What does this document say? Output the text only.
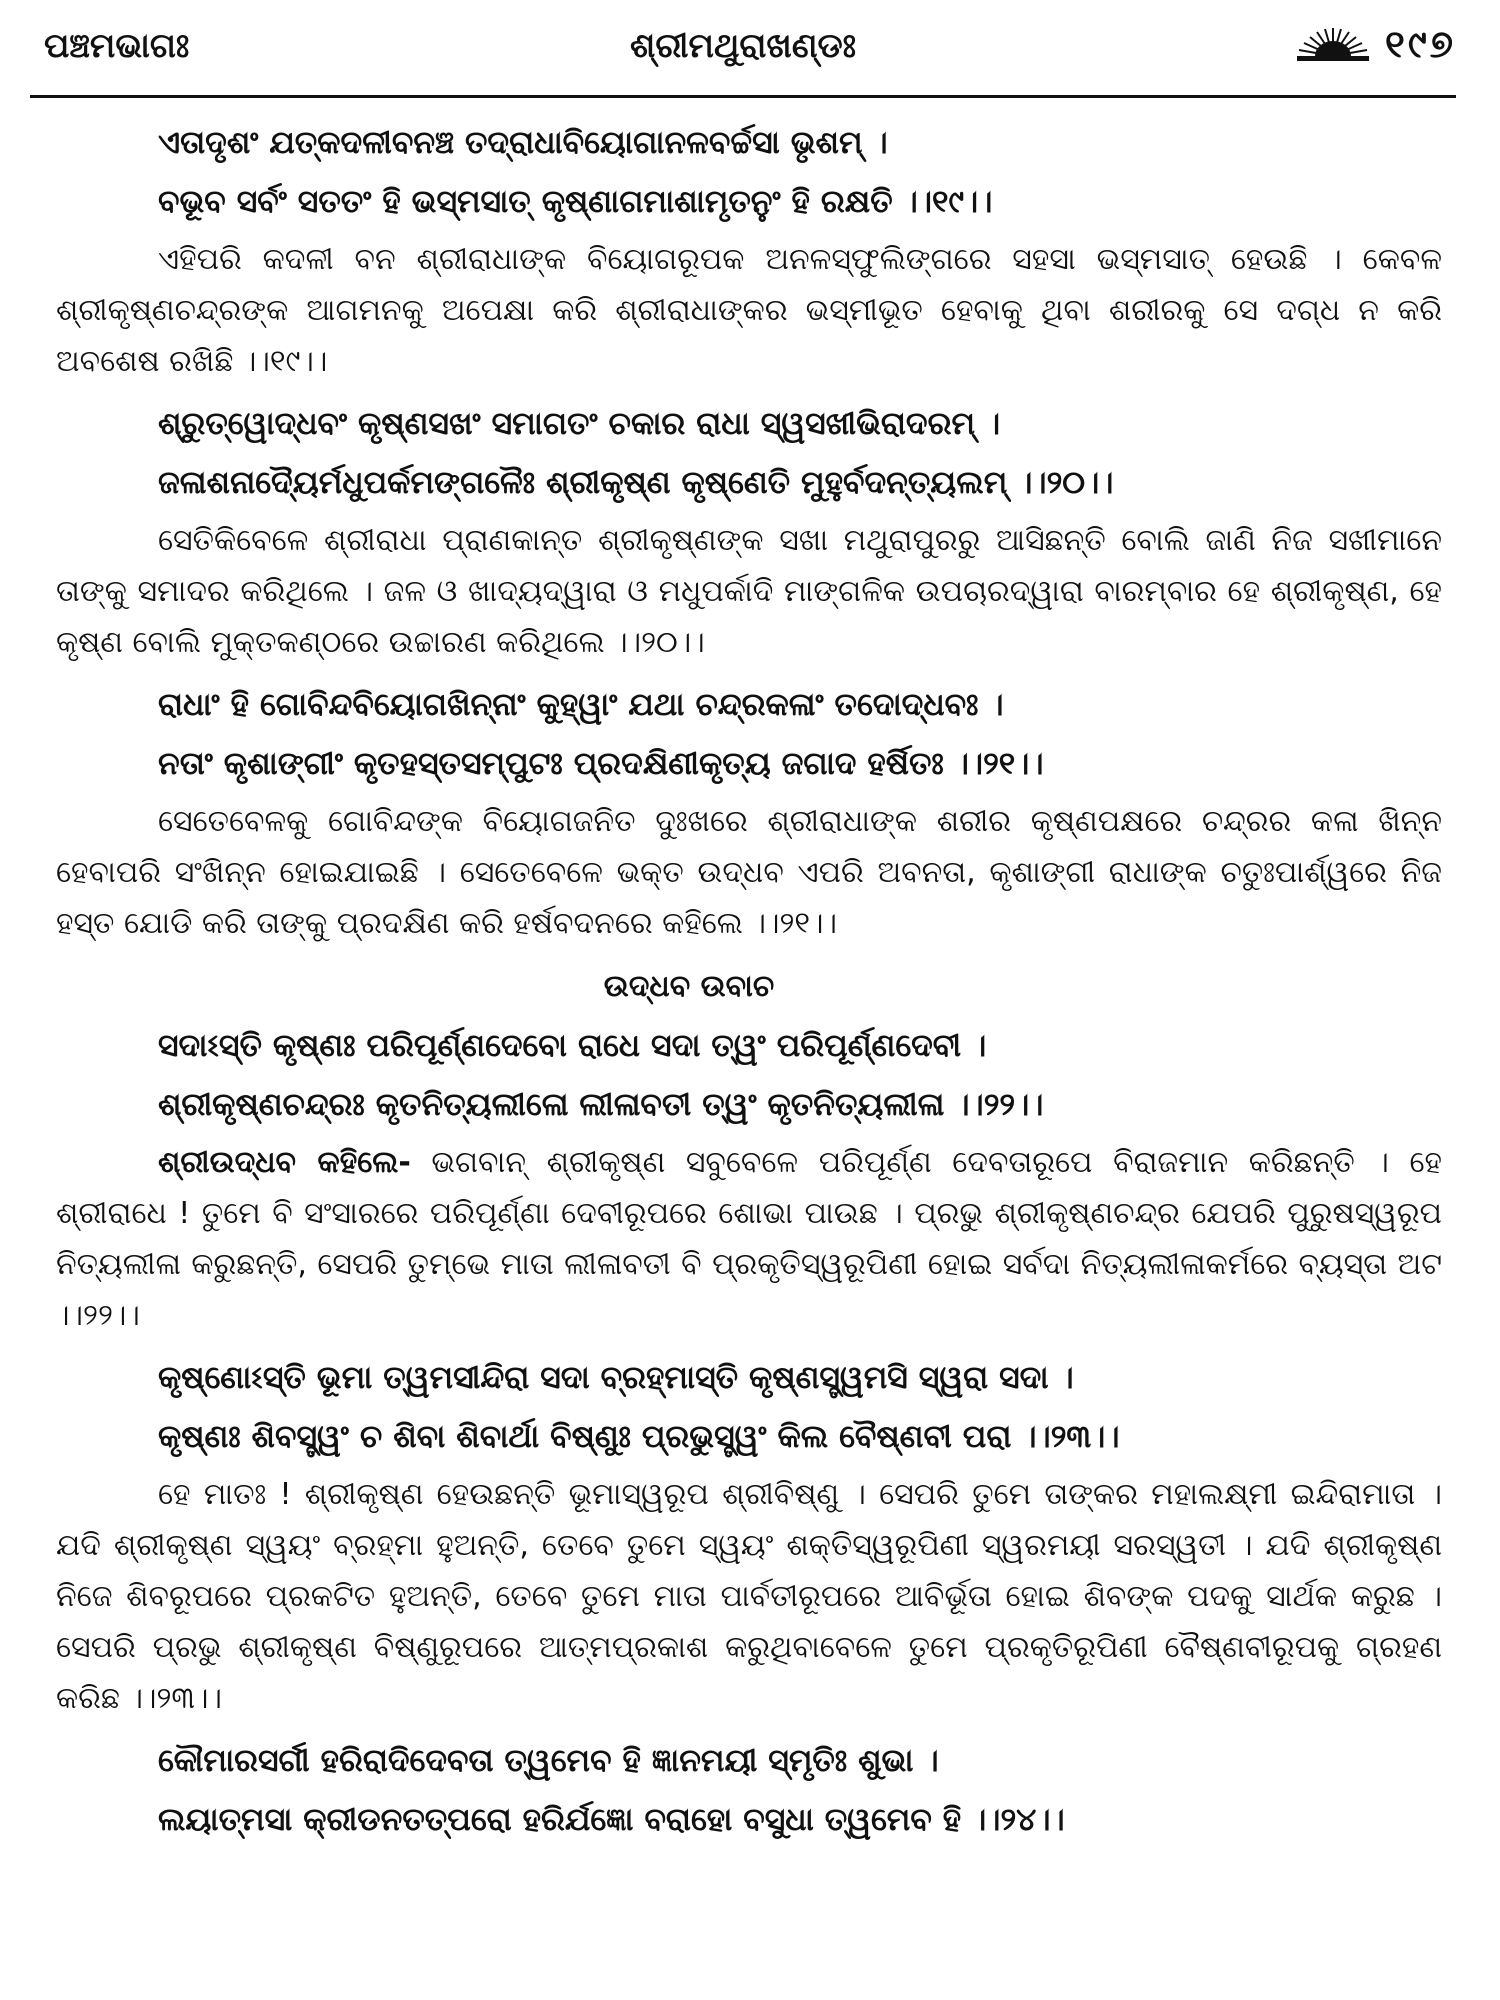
ପଞ୍ଚମଭାଗଃ	ଶ୍ରୀମଥୁରାଖଣ୍ଡଃ	୧୯୭
ଏତାଦୃଶଂ ଯତ୍କଦଳୀବନଞ୍ଚ ତଦ୍‌ରାଧାବିୟୋଗାନଳବର୍ଚ୍ଚସା ଭୃଶମ୍ ।
ବଭୂବ ସର୍ବଂ ସତତଂ ହି ଭସ୍ମସାତ୍ କୃଷ୍ଣାଗମାଶାମୃତନୁଂ ହି ରକ୍ଷତି ।।୧୯।।

ଏହିପରି କଦଳୀ ବନ ଶ୍ରୀରାଧାଙ୍କ ବିୟୋଗରୂପକ ଅନଳସ୍ଫୁଲିଙ୍ଗରେ ସହସା ଭସ୍ମସାତ୍ ହେଉଛି । କେବଳ ଶ୍ରୀକୃଷ୍ଣଚନ୍ଦ୍ରଙ୍କ ଆଗମନକୁ ଅପେକ୍ଷା କରି ଶ୍ରୀରାଧାଙ୍କର ଭସ୍ମୀଭୂତ ହେବାକୁ ଥିବା ଶରୀରକୁ ସେ ଦଗ୍ଧ ନ କରି ଅବଶେଷ ରଖିଛି ।।୧୯।।

ଶ୍ରୁତ୍ୱୋଦ୍ଧବଂ କୃଷ୍ଣସଖଂ ସମାଗତଂ ଚକାର ରାଧା ସ୍ୱସଖୀଭିରାଦରମ୍ ।
ଜଳାଶନାଦ୍ୟୈର୍ମଧୁପର୍କମଙ୍ଗଳୈଃ ଶ୍ରୀକୃଷ୍ଣ କୃଷ୍ଣେତି ମୁହୁର୍ବଦନ୍ତ୍ୟଲମ୍ ।।୨୦।।

ସେତିକିବେଳେ ଶ୍ରୀରାଧା ପ୍ରାଣକାନ୍ତ ଶ୍ରୀକୃଷ୍ଣଙ୍କ ସଖା ମଥୁରାପୁରରୁ ଆସିଛନ୍ତି ବୋଲି ଜାଣି ନିଜ ସଖୀମାନେ ତାଙ୍କୁ ସମାଦର କରିଥିଲେ । ଜଳ ଓ ଖାଦ୍ୟଦ୍ୱାରା ଓ ମଧୁପର୍କାଦି ମାଙ୍ଗଳିକ ଉପଚାରଦ୍ୱାରା ବାରମ୍ବାର ହେ ଶ୍ରୀକୃଷ୍ଣ, ହେ କୃଷ୍ଣ ବୋଲି ମୁକ୍ତକଣ୍ଠରେ ଉଚ୍ଚାରଣ କରିଥିଲେ ।।୨୦।।

ରାଧାଂ ହି ଗୋବିନ୍ଦବିୟୋଗଖିନ୍ନାଂ କୁହ୍ୱାଂ ଯଥା ଚନ୍ଦ୍ରକଳାଂ ତଦୋଦ୍ଧବଃ ।
ନତାଂ କୃଶାଙ୍ଗୀଂ କୃତହସ୍ତସମ୍ପୁଟଃ ପ୍ରଦକ୍ଷିଣୀକୃତ୍ୟ ଜଗାଦ ହର୍ଷିତଃ ।।୨୧।।

ସେତେବେଳକୁ ଗୋବିନ୍ଦଙ୍କ ବିୟୋଗଜନିତ ଦୁଃଖରେ ଶ୍ରୀରାଧାଙ୍କ ଶରୀର କୃଷ୍ଣପକ୍ଷରେ ଚନ୍ଦ୍ରର କଳା ଖିନ୍ନ ହେବାପରି ସଂଖିନ୍ନ ହୋଇଯାଇଛି । ସେତେବେଳେ ଭକ୍ତ ଉଦ୍ଧବ ଏପରି ଅବନତା, କୃଶାଙ୍ଗୀ ରାଧାଙ୍କ ଚତୁଃପାର୍ଶ୍ୱରେ ନିଜ ହସ୍ତ ଯୋଡି କରି ତାଙ୍କୁ ପ୍ରଦକ୍ଷିଣ କରି ହର୍ଷବଦନରେ କହିଲେ ।।୨୧।।

ଉଦ୍ଧବ ଉବାଚ
ସଦାଽସ୍ତି କୃଷ୍ଣଃ ପରିପୂର୍ଣ୍ଣଦେବୋ ରାଧେ ସଦା ତ୍ୱଂ ପରିପୂର୍ଣ୍ଣଦେବୀ ।
ଶ୍ରୀକୃଷ୍ଣଚନ୍ଦ୍ରଃ କୃତନିତ୍ୟଲୀଳୋ ଲୀଳାବତୀ ତ୍ୱଂ କୃତନିତ୍ୟଲୀଳା ।।୨୨।।

ଶ୍ରୀଉଦ୍ଧବ କହିଲେ- ଭଗବାନ୍ ଶ୍ରୀକୃଷ୍ଣ ସବୁବେଳେ ପରିପୂର୍ଣ୍ଣ ଦେବତାରୂପେ ବିରାଜମାନ କରିଛନ୍ତି । ହେ ଶ୍ରୀରାଧେ ! ତୁମେ ବି ସଂସାରରେ ପରିପୂର୍ଣ୍ଣା ଦେବୀରୂପରେ ଶୋଭା ପାଉଛ । ପ୍ରଭୁ ଶ୍ରୀକୃଷ୍ଣଚନ୍ଦ୍ର ଯେପରି ପୁରୁଷସ୍ୱରୂପ ନିତ୍ୟଲୀଳା କରୁଛନ୍ତି, ସେପରି ତୁମ୍ଭେ ମାତା ଲୀଳାବତୀ ବି ପ୍ରକୃତିସ୍ୱରୂପିଣୀ ହୋଇ ସର୍ବଦା ନିତ୍ୟଲୀଳାକର୍ମରେ ବ୍ୟସ୍ତା ଅଟ ।।୨୨।।

କୃଷ୍ଣୋଽସ୍ତି ଭୂମା ତ୍ୱମସୀନ୍ଦିରା ସଦା ବ୍ରହ୍ମାସ୍ତି କୃଷ୍ଣସ୍ତ୍ୱମସି ସ୍ୱରା ସଦା ।
କୃଷ୍ଣଃ ଶିବସ୍ତ୍ୱଂ ଚ ଶିବା ଶିବାର୍ଥା ବିଷ୍ଣୁଃ ପ୍ରଭୁସ୍ତ୍ୱଂ କିଲ ବୈଷ୍ଣବୀ ପରା ।।୨୩।।

ହେ ମାତଃ ! ଶ୍ରୀକୃଷ୍ଣ ହେଉଛନ୍ତି ଭୂମାସ୍ୱରୂପ ଶ୍ରୀବିଷ୍ଣୁ । ସେପରି ତୁମେ ତାଙ୍କର ମହାଲକ୍ଷ୍ମୀ ଇନ୍ଦିରାମାତା । ଯଦି ଶ୍ରୀକୃଷ୍ଣ ସ୍ୱୟଂ ବ୍ରହ୍ମା ହୁଅନ୍ତି, ତେବେ ତୁମେ ସ୍ୱୟଂ ଶକ୍ତିସ୍ୱରୂପିଣୀ ସ୍ୱରମୟୀ ସରସ୍ୱତୀ । ଯଦି ଶ୍ରୀକୃଷ୍ଣ ନିଜେ ଶିବରୂପରେ ପ୍ରକଟିତ ହୁଅନ୍ତି, ତେବେ ତୁମେ ମାତା ପାର୍ବତୀରୂପରେ ଆବିର୍ଭୂତା ହୋଇ ଶିବଙ୍କ ପଦକୁ ସାର୍ଥକ କରୁଛ । ସେପରି ପ୍ରଭୁ ଶ୍ରୀକୃଷ୍ଣ ବିଷ୍ଣୁରୂପରେ ଆତ୍ମପ୍ରକାଶ କରୁଥିବାବେଳେ ତୁମେ ପ୍ରକୃତିରୂପିଣୀ ବୈଷ୍ଣବୀରୂପକୁ ଗ୍ରହଣ କରିଛ ।।୨୩।।

କୌମାରସର୍ଗୀ ହରିରାଦିଦେବତା ତ୍ୱମେବ ହି ଜ୍ଞାନମୟୀ ସ୍ମୃତିଃ ଶୁଭା ।
ଲୟାତ୍ମସା କ୍ରୀଡନତତ୍ପରୋ ହରିର୍ଯଜ୍ଞୋ ବରାହୋ ବସୁଧା ତ୍ୱମେବ ହି ।।୨୪।।
